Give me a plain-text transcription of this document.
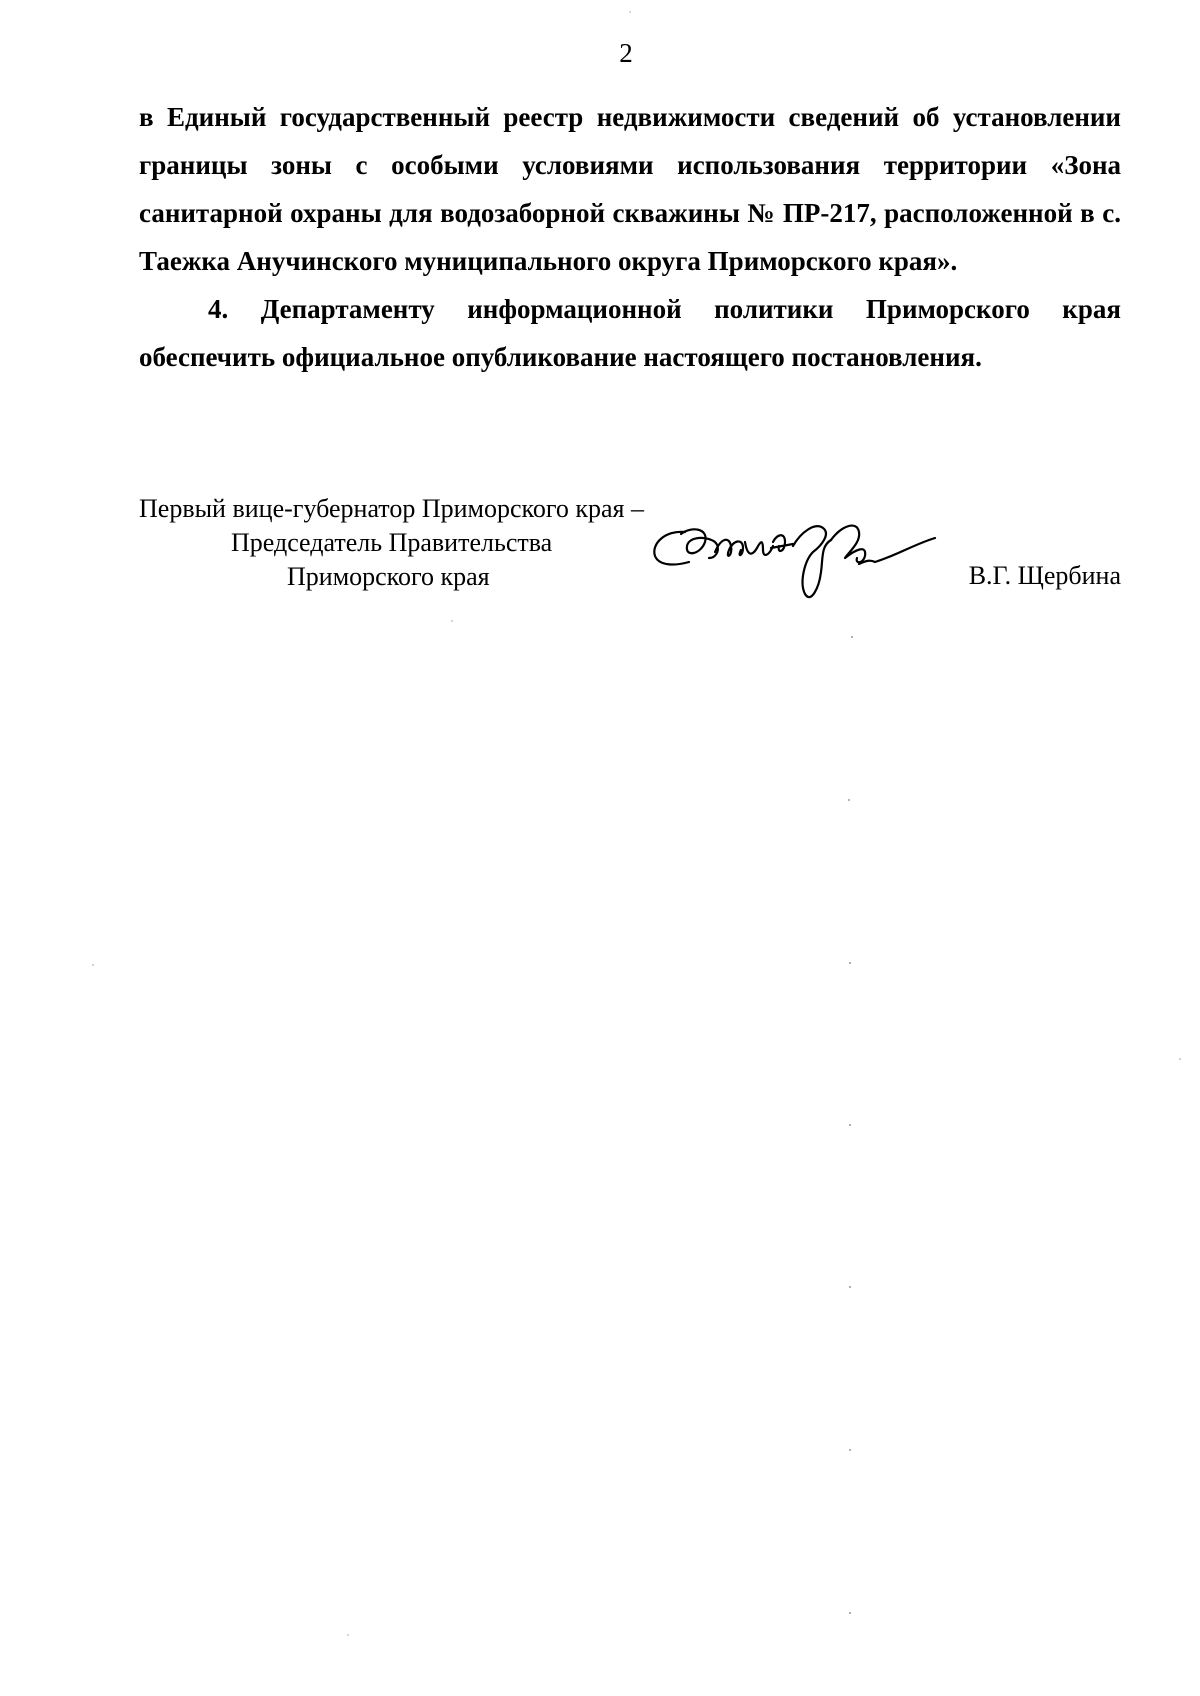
2

в Единый государственный реестр недвижимости сведений об установлении границы зоны с особыми условиями использования территории «Зона санитарной охраны для водозаборной скважины № ПР-217, расположенной в с. Таежка Анучинского муниципального округа Приморского края».

4. Департаменту информационной политики Приморского края обеспечить официальное опубликование настоящего постановления.

Первый вице-губернатор Приморского края –
Председатель Правительства
Приморского края	В.Г. Щербина
